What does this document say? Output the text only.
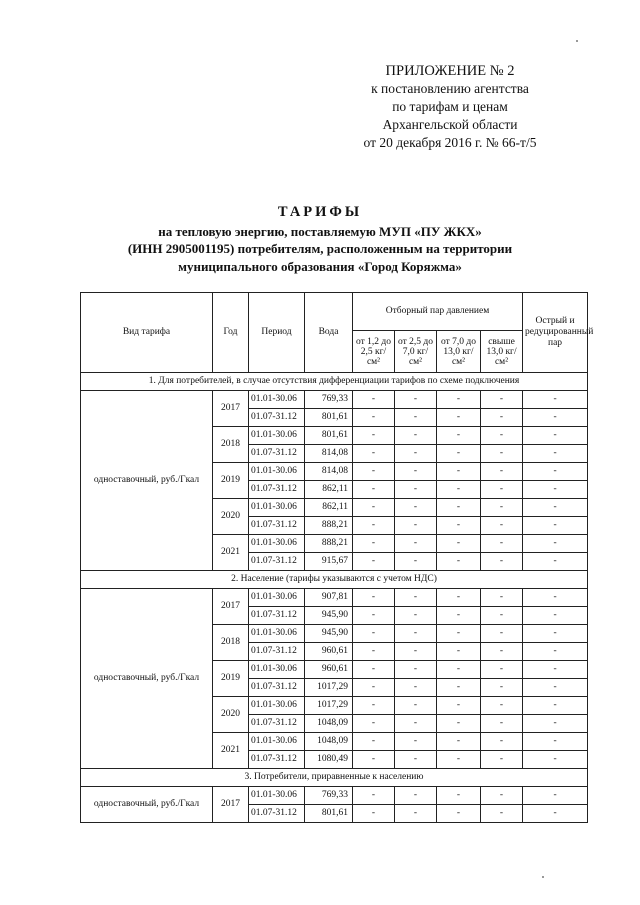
ПРИЛОЖЕНИЕ № 2
к постановлению агентства
по тарифам и ценам
Архангельской области
от 20 декабря 2016 г. № 66-т/5
ТАРИФЫ
на тепловую энергию, поставляемую МУП «ПУ ЖКХ»
(ИНН 2905001195) потребителям, расположенным на территории
муниципального образования «Город Коряжма»
Вид тарифа	Год	Период	Вода	Отборный пар давлением				Острый и редуцированный пар
				от 1,2 до 2,5 кг/см²	от 2,5 до 7,0 кг/см²	от 7,0 до 13,0 кг/см²	свыше 13,0 кг/см²	
1. Для потребителей, в случае отсутствия дифференциации тарифов по схеме подключения								
одноставочный, руб./Гкал	2017	01.01-30.06	769,33	-	-	-	-	-
		01.07-31.12	801,61	-	-	-	-	-
	2018	01.01-30.06	801,61	-	-	-	-	-
		01.07-31.12	814,08	-	-	-	-	-
	2019	01.01-30.06	814,08	-	-	-	-	-
		01.07-31.12	862,11	-	-	-	-	-
	2020	01.01-30.06	862,11	-	-	-	-	-
		01.07-31.12	888,21	-	-	-	-	-
	2021	01.01-30.06	888,21	-	-	-	-	-
		01.07-31.12	915,67	-	-	-	-	-
2. Население (тарифы указываются с учетом НДС)								
одноставочный, руб./Гкал	2017	01.01-30.06	907,81	-	-	-	-	-
		01.07-31.12	945,90	-	-	-	-	-
	2018	01.01-30.06	945,90	-	-	-	-	-
		01.07-31.12	960,61	-	-	-	-	-
	2019	01.01-30.06	960,61	-	-	-	-	-
		01.07-31.12	1017,29	-	-	-	-	-
	2020	01.01-30.06	1017,29	-	-	-	-	-
		01.07-31.12	1048,09	-	-	-	-	-
	2021	01.01-30.06	1048,09	-	-	-	-	-
		01.07-31.12	1080,49	-	-	-	-	-
3. Потребители, приравненные к населению								
одноставочный, руб./Гкал	2017	01.01-30.06	769,33	-	-	-	-	-
		01.07-31.12	801,61	-	-	-	-	-
